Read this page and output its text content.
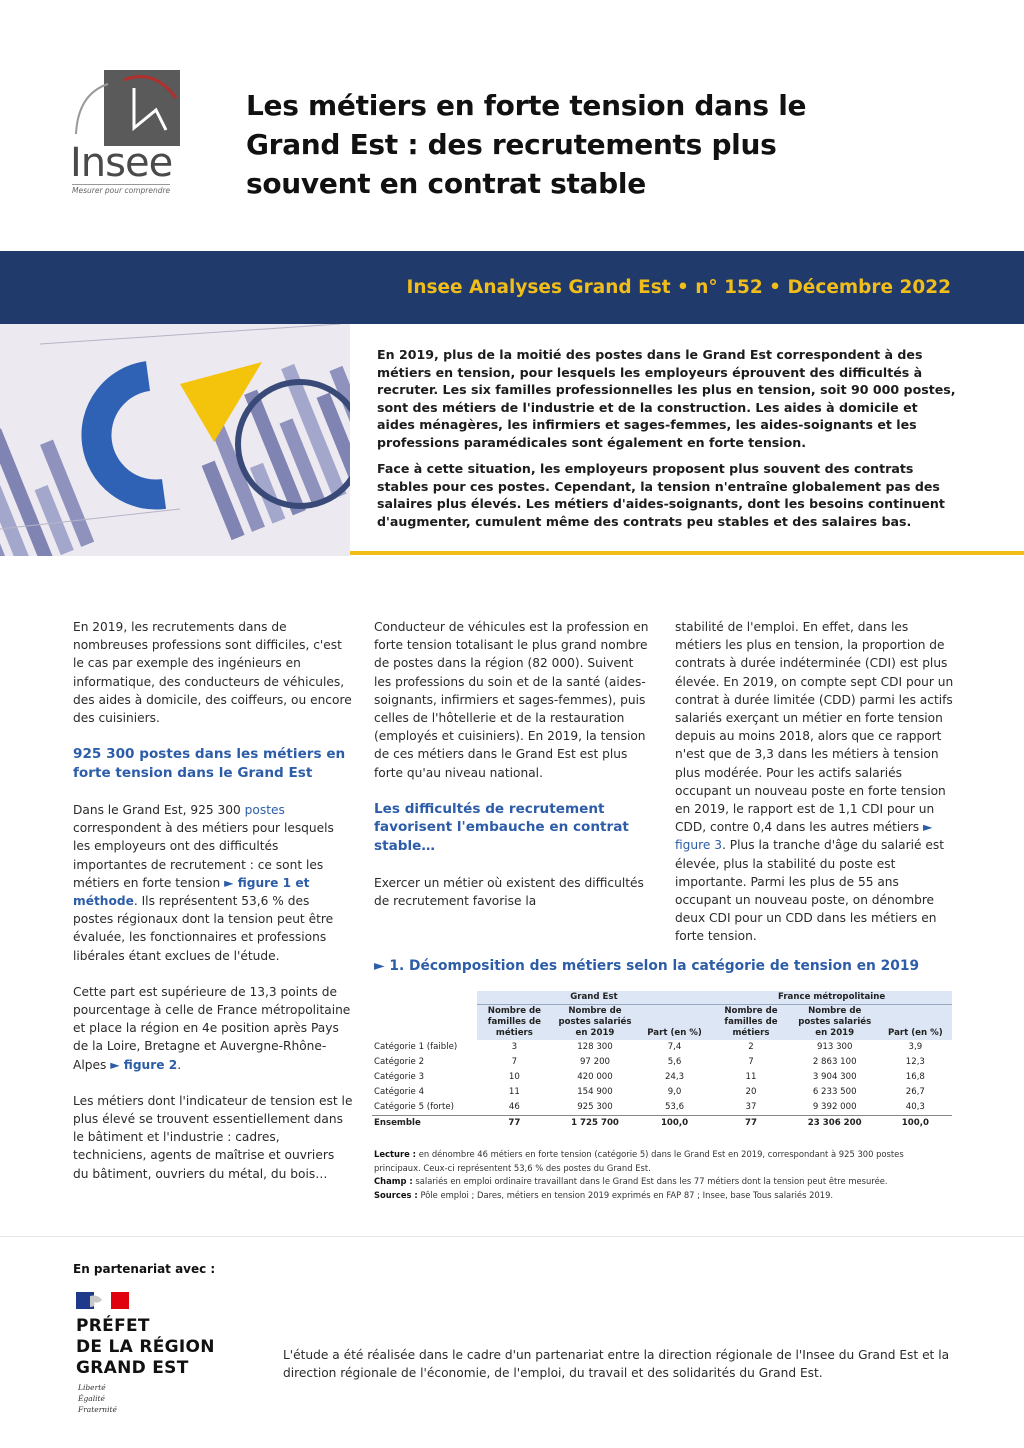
Insee
Mesurer pour comprendre
Les métiers en forte tension dans le Grand Est : des recrutements plus souvent en contrat stable
Insee Analyses Grand Est • n° 152 • Décembre 2022

En 2019, plus de la moitié des postes dans le Grand Est correspondent à des métiers en tension, pour lesquels les employeurs éprouvent des difficultés à recruter. Les six familles professionnelles les plus en tension, soit 90 000 postes, sont des métiers de l'industrie et de la construction. Les aides à domicile et aides ménagères, les infirmiers et sages-femmes, les aides-soignants et les professions paramédicales sont également en forte tension.

Face à cette situation, les employeurs proposent plus souvent des contrats stables pour ces postes. Cependant, la tension n'entraîne globalement pas des salaires plus élevés. Les métiers d'aides-soignants, dont les besoins continuent d'augmenter, cumulent même des contrats peu stables et des salaires bas.

En 2019, les recrutements dans de nombreuses professions sont difficiles, c'est le cas par exemple des ingénieurs en informatique, des conducteurs de véhicules, des aides à domicile, des coiffeurs, ou encore des cuisiniers.

925 300 postes dans les métiers en forte tension dans le Grand Est

Dans le Grand Est, 925 300 postes correspondent à des métiers pour lesquels les employeurs ont des difficultés importantes de recrutement : ce sont les métiers en forte tension ► figure 1 et méthode. Ils représentent 53,6 % des postes régionaux dont la tension peut être évaluée, les fonctionnaires et professions libérales étant exclues de l'étude.

Cette part est supérieure de 13,3 points de pourcentage à celle de France métropolitaine et place la région en 4e position après Pays de la Loire, Bretagne et Auvergne-Rhône-Alpes ► figure 2.

Les métiers dont l'indicateur de tension est le plus élevé se trouvent essentiellement dans le bâtiment et l'industrie : cadres, techniciens, agents de maîtrise et ouvriers du bâtiment, ouvriers du métal, du bois…

Conducteur de véhicules est la profession en forte tension totalisant le plus grand nombre de postes dans la région (82 000). Suivent les professions du soin et de la santé (aides-soignants, infirmiers et sages-femmes), puis celles de l'hôtellerie et de la restauration (employés et cuisiniers). En 2019, la tension de ces métiers dans le Grand Est est plus forte qu'au niveau national.

Les difficultés de recrutement favorisent l'embauche en contrat stable…

Exercer un métier où existent des difficultés de recrutement favorise la

stabilité de l'emploi. En effet, dans les métiers les plus en tension, la proportion de contrats à durée indéterminée (CDI) est plus élevée. En 2019, on compte sept CDI pour un contrat à durée limitée (CDD) parmi les actifs salariés exerçant un métier en forte tension depuis au moins 2018, alors que ce rapport n'est que de 3,3 dans les métiers à tension plus modérée. Pour les actifs salariés occupant un nouveau poste en forte tension en 2019, le rapport est de 1,1 CDI pour un CDD, contre 0,4 dans les autres métiers ► figure 3. Plus la tranche d'âge du salarié est élevée, plus la stabilité du poste est importante. Parmi les plus de 55 ans occupant un nouveau poste, on dénombre deux CDI pour un CDD dans les métiers en forte tension.

► 1. Décomposition des métiers selon la catégorie de tension en 2019
	Grand Est			France métropolitaine		
	Nombre de familles de métiers	Nombre de postes salariés en 2019	Part (en %)	Nombre de familles de métiers	Nombre de postes salariés en 2019	Part (en %)
Catégorie 1 (faible)	3	128 300	7,4	2	913 300	3,9
Catégorie 2	7	97 200	5,6	7	2 863 100	12,3
Catégorie 3	10	420 000	24,3	11	3 904 300	16,8
Catégorie 4	11	154 900	9,0	20	6 233 500	26,7
Catégorie 5 (forte)	46	925 300	53,6	37	9 392 000	40,3
Ensemble	77	1 725 700	100,0	77	23 306 200	100,0
Lecture : en dénombre 46 métiers en forte tension (catégorie 5) dans le Grand Est en 2019, correspondant à 925 300 postes principaux. Ceux-ci représentent 53,6 % des postes du Grand Est.
Champ : salariés en emploi ordinaire travaillant dans le Grand Est dans les 77 métiers dont la tension peut être mesurée.
Sources : Pôle emploi ; Dares, métiers en tension 2019 exprimés en FAP 87 ; Insee, base Tous salariés 2019.
En partenariat avec :
PRÉFET
DE LA RÉGION
GRAND EST
Liberté
Égalité
Fraternité
L'étude a été réalisée dans le cadre d'un partenariat entre la direction régionale de l'Insee du Grand Est et la direction régionale de l'économie, de l'emploi, du travail et des solidarités du Grand Est.
